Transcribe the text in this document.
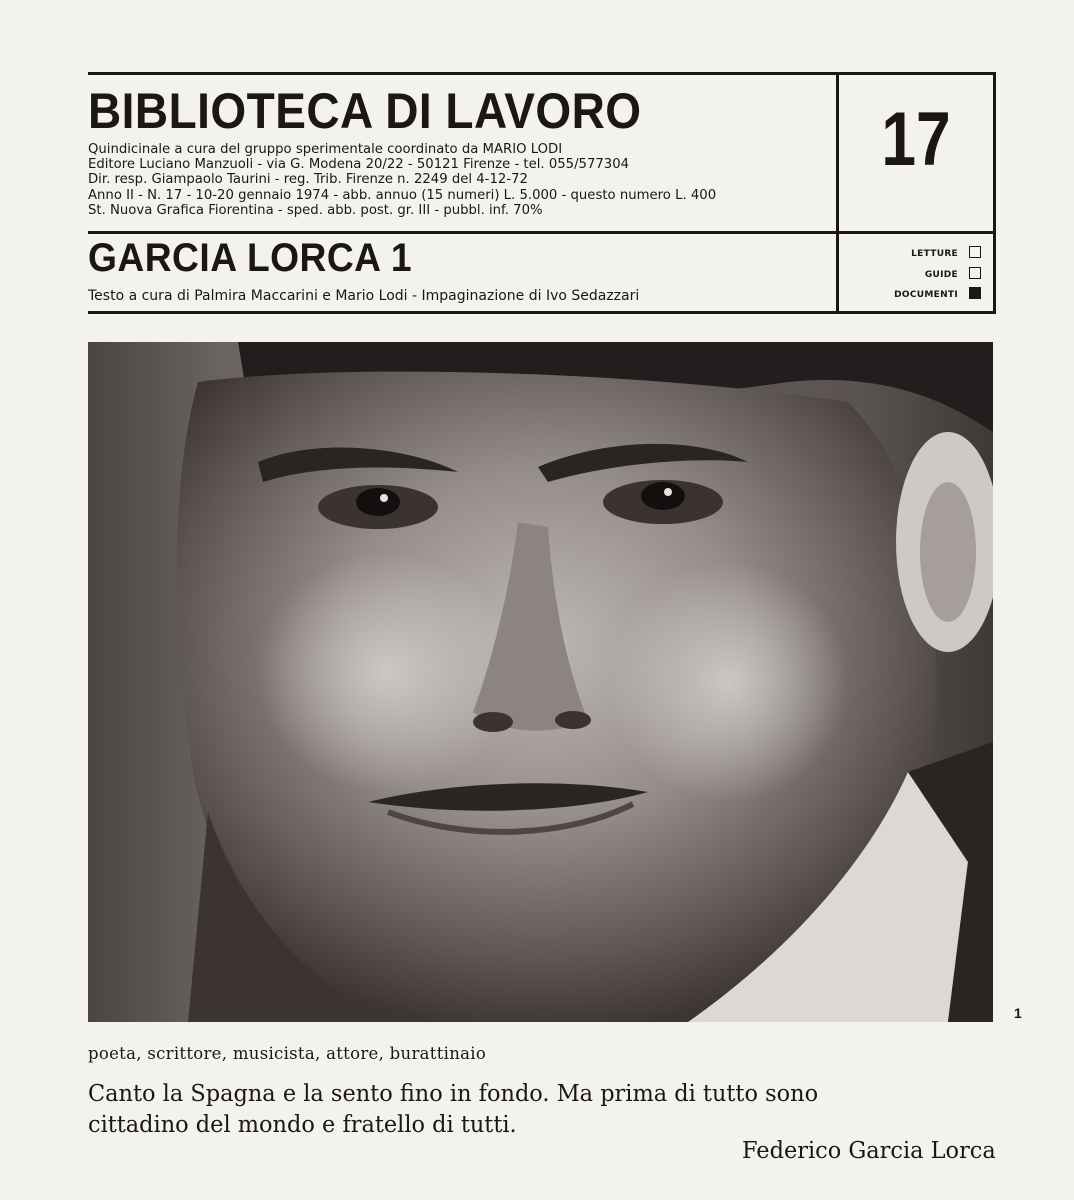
BIBLIOTECA DI LAVORO
Quindicinale a cura del gruppo sperimentale coordinato da MARIO LODI
Editore Luciano Manzuoli - via G. Modena 20/22 - 50121 Firenze - tel. 055/577304
Dir. resp. Giampaolo Taurini - reg. Trib. Firenze n. 2249 del 4-12-72
Anno II - N. 17 - 10-20 gennaio 1974 - abb. annuo (15 numeri) L. 5.000 - questo numero L. 400
St. Nuova Grafica Fiorentina - sped. abb. post. gr. III - pubbl. inf. 70%
17
GARCIA LORCA 1
Testo a cura di Palmira Maccarini e Mario Lodi - Impaginazione di Ivo Sedazzari
LETTURE
GUIDE
DOCUMENTI
1
poeta, scrittore, musicista, attore, burattinaio
Canto la Spagna e la sento fino in fondo. Ma prima di tutto sono
cittadino del mondo e fratello di tutti.
Federico Garcia Lorca
